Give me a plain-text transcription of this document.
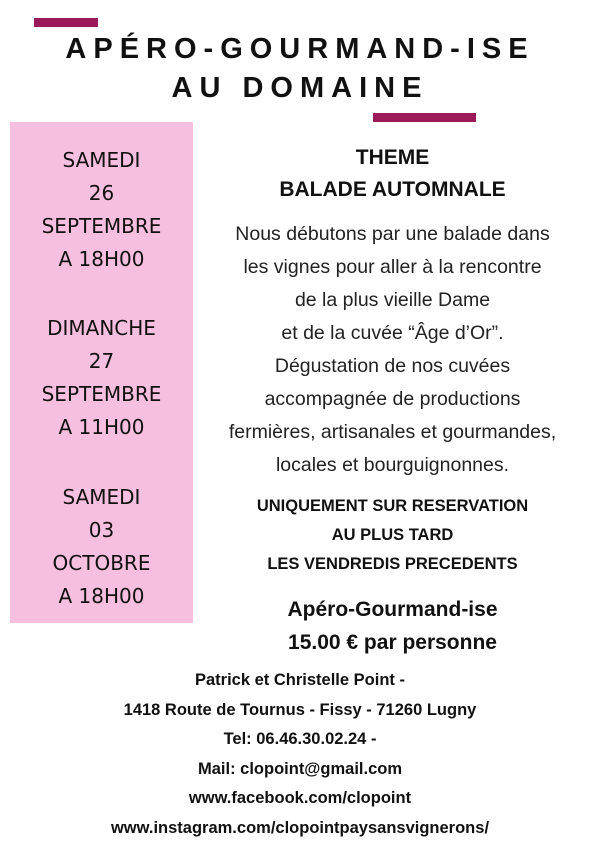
APÉRO-GOURMAND-ISE
AU DOMAINE
SAMEDI
26
SEPTEMBRE
A 18H00
DIMANCHE
27
SEPTEMBRE
A 11H00
SAMEDI
03
OCTOBRE
A 18H00
THEME
BALADE AUTOMNALE
Nous débutons par une balade dans
les vignes pour aller à la rencontre
de la plus vieille Dame
et de la cuvée “Âge d’Or”.
Dégustation de nos cuvées
accompagnée de productions
fermières, artisanales et gourmandes,
locales et bourguignonnes.
UNIQUEMENT SUR RESERVATION
AU PLUS TARD
LES VENDREDIS PRECEDENTS
Apéro-Gourmand-ise
15.00 € par personne
Patrick et Christelle Point -
1418 Route de Tournus - Fissy - 71260 Lugny
Tel: 06.46.30.02.24 -
Mail: clopoint@gmail.com
www.facebook.com/clopoint
www.instagram.com/clopointpaysansvignerons/
